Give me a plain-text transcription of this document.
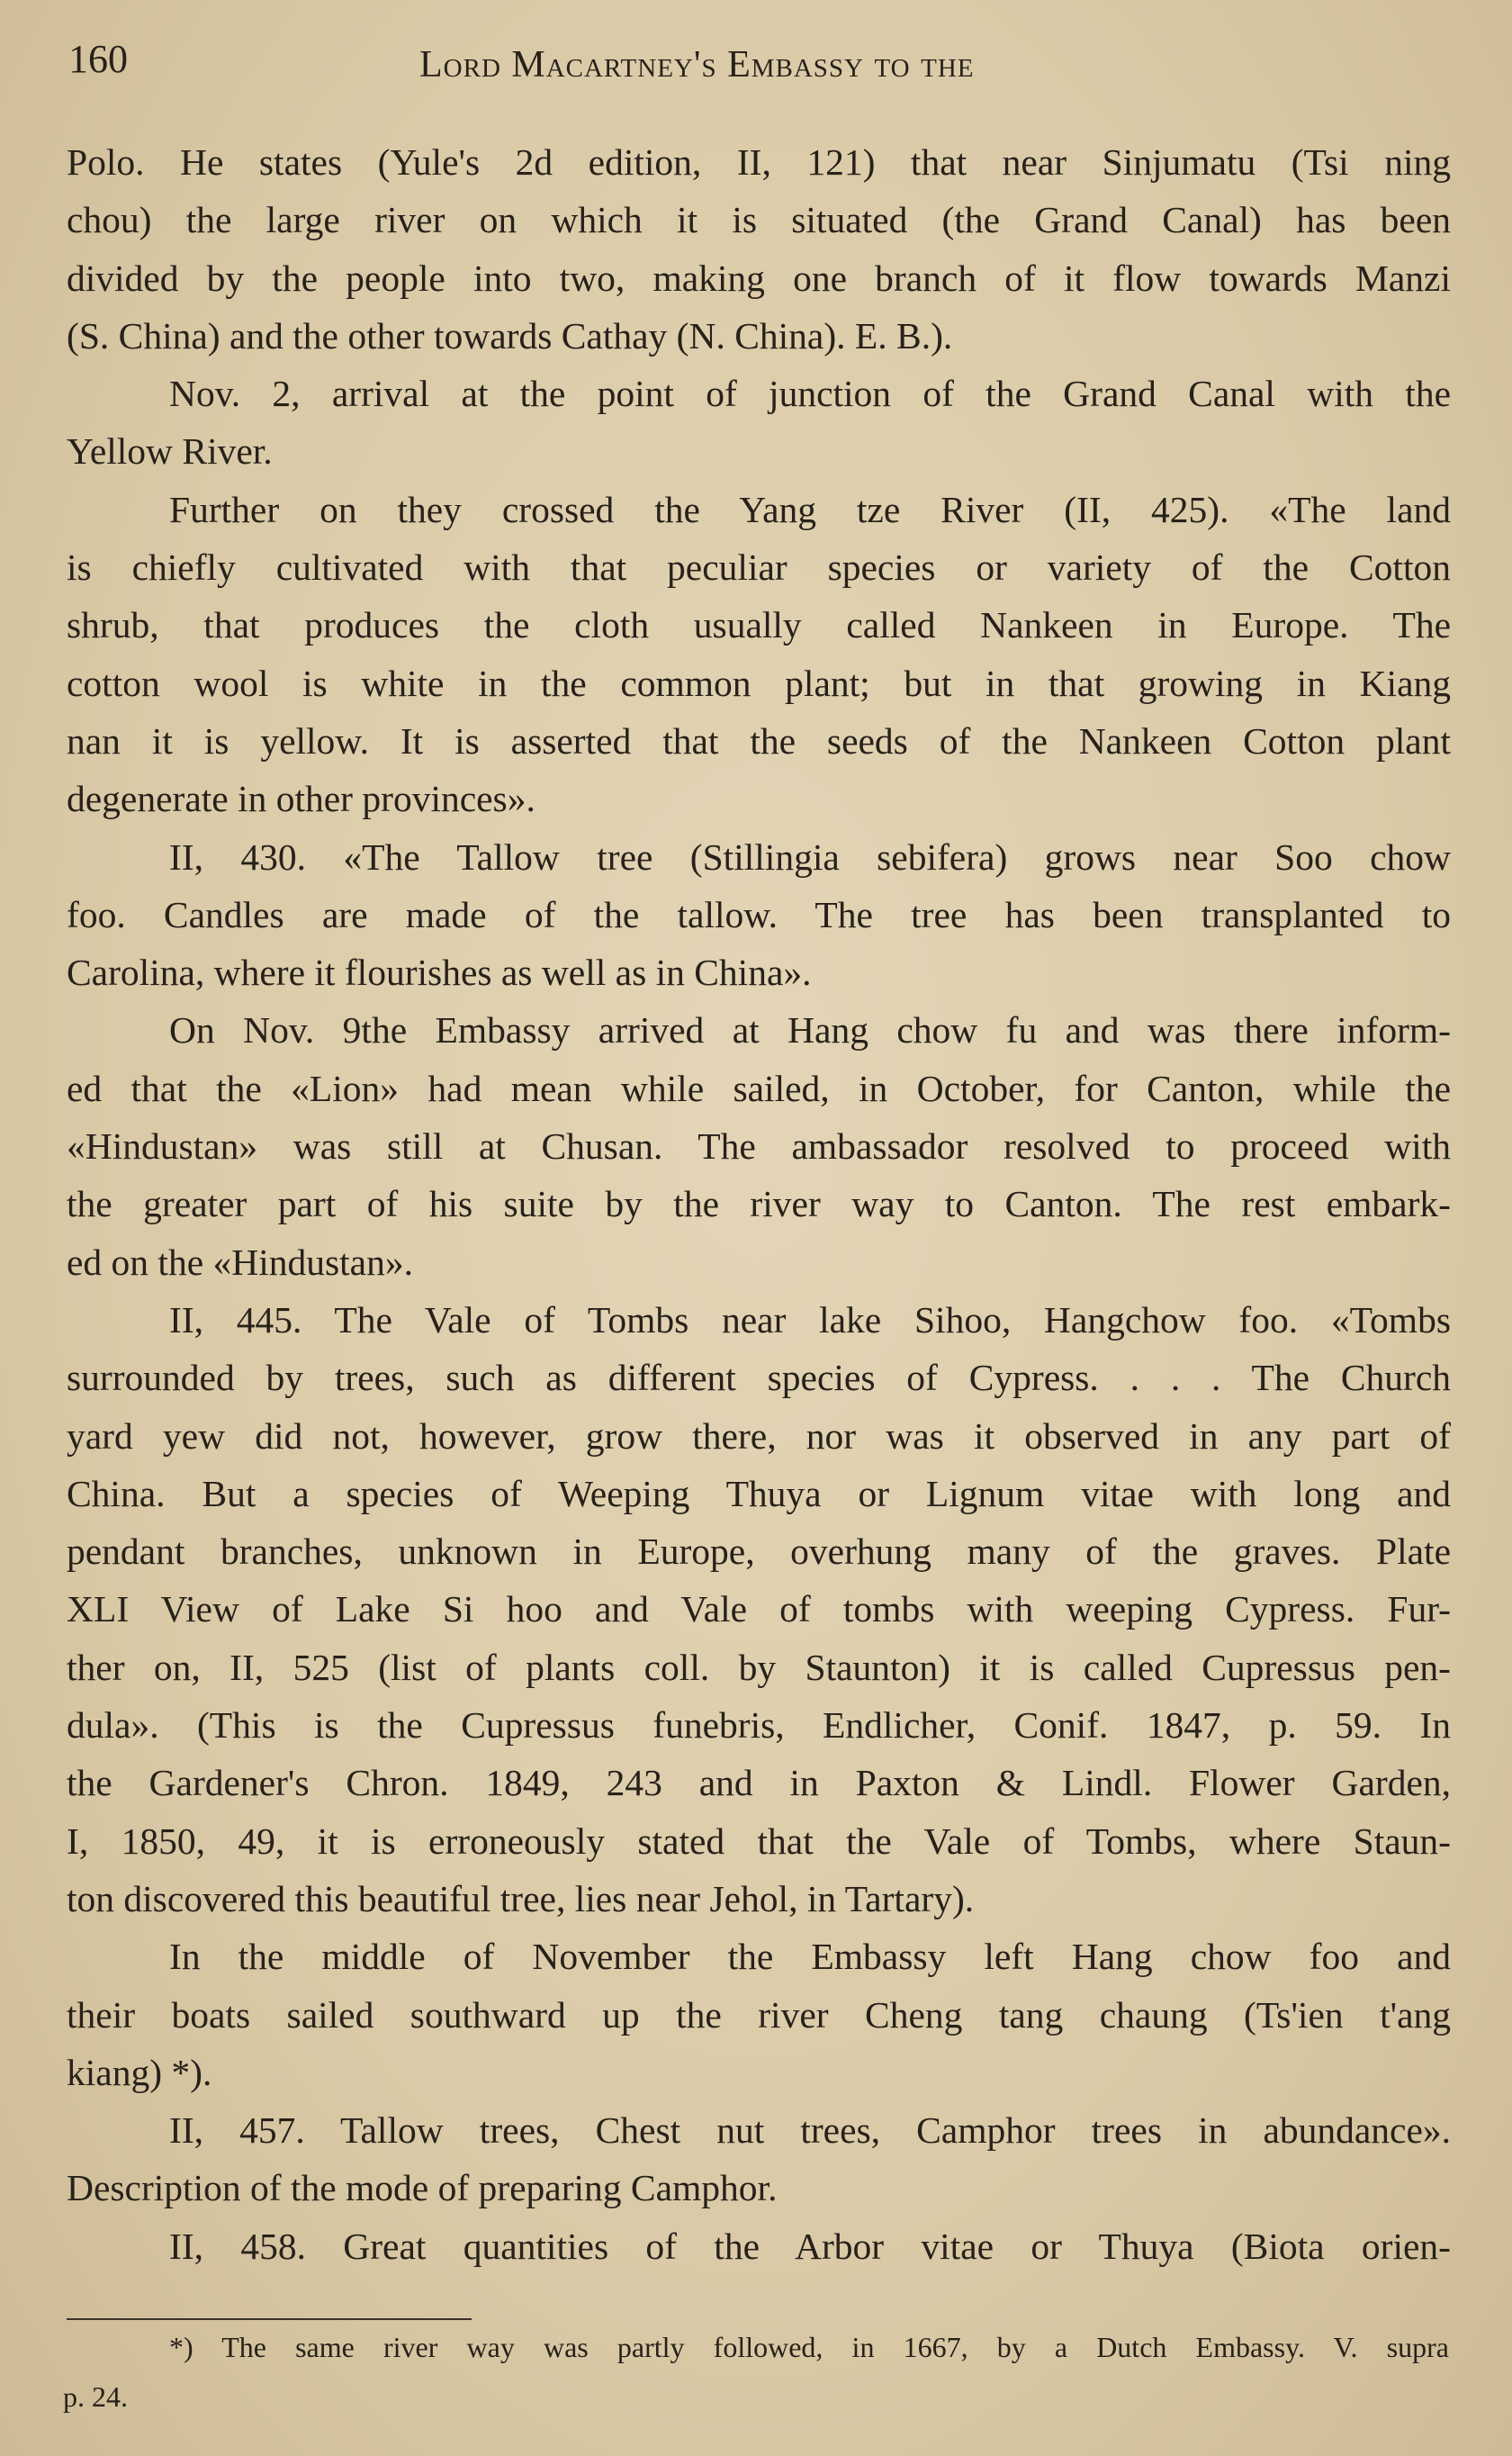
160	Lord Macartney's Embassy to the
Polo. He states (Yule's 2d edition, II, 121) that near Sinjumatu (Tsi ning
chou) the large river on which it is situated (the Grand Canal) has been
divided by the people into two, making one branch of it flow towards Manzi
(S. China) and the other towards Cathay (N. China). E. B.).
Nov. 2, arrival at the point of junction of the Grand Canal with the
Yellow River.
Further on they crossed the Yang tze River (II, 425). «The land
is chiefly cultivated with that peculiar species or variety of the Cotton
shrub, that produces the cloth usually called Nankeen in Europe. The
cotton wool is white in the common plant; but in that growing in Kiang
nan it is yellow. It is asserted that the seeds of the Nankeen Cotton plant
degenerate in other provinces».
II, 430. «The Tallow tree (Stillingia sebifera) grows near Soo chow
foo. Candles are made of the tallow. The tree has been transplanted to
Carolina, where it flourishes as well as in China».
On Nov. 9the Embassy arrived at Hang chow fu and was there inform-
ed that the «Lion» had mean while sailed, in October, for Canton, while the
«Hindustan» was still at Chusan. The ambassador resolved to proceed with
the greater part of his suite by the river way to Canton. The rest embark-
ed on the «Hindustan».
II, 445. The Vale of Tombs near lake Sihoo, Hangchow foo. «Tombs
surrounded by trees, such as different species of Cypress. . . . The Church
yard yew did not, however, grow there, nor was it observed in any part of
China. But a species of Weeping Thuya or Lignum vitae with long and
pendant branches, unknown in Europe, overhung many of the graves. Plate
XLI View of Lake Si hoo and Vale of tombs with weeping Cypress. Fur-
ther on, II, 525 (list of plants coll. by Staunton) it is called Cupressus pen-
dula». (This is the Cupressus funebris, Endlicher, Conif. 1847, p. 59. In
the Gardener's Chron. 1849, 243 and in Paxton & Lindl. Flower Garden,
I, 1850, 49, it is erroneously stated that the Vale of Tombs, where Staun-
ton discovered this beautiful tree, lies near Jehol, in Tartary).
In the middle of November the Embassy left Hang chow foo and
their boats sailed southward up the river Cheng tang chaung (Ts'ien t'ang
kiang) *).
II, 457. Tallow trees, Chest nut trees, Camphor trees in abundance».
Description of the mode of preparing Camphor.
II, 458. Great quantities of the Arbor vitae or Thuya (Biota orien-
*) The same river way was partly followed, in 1667, by a Dutch Embassy. V. supra
p. 24.
